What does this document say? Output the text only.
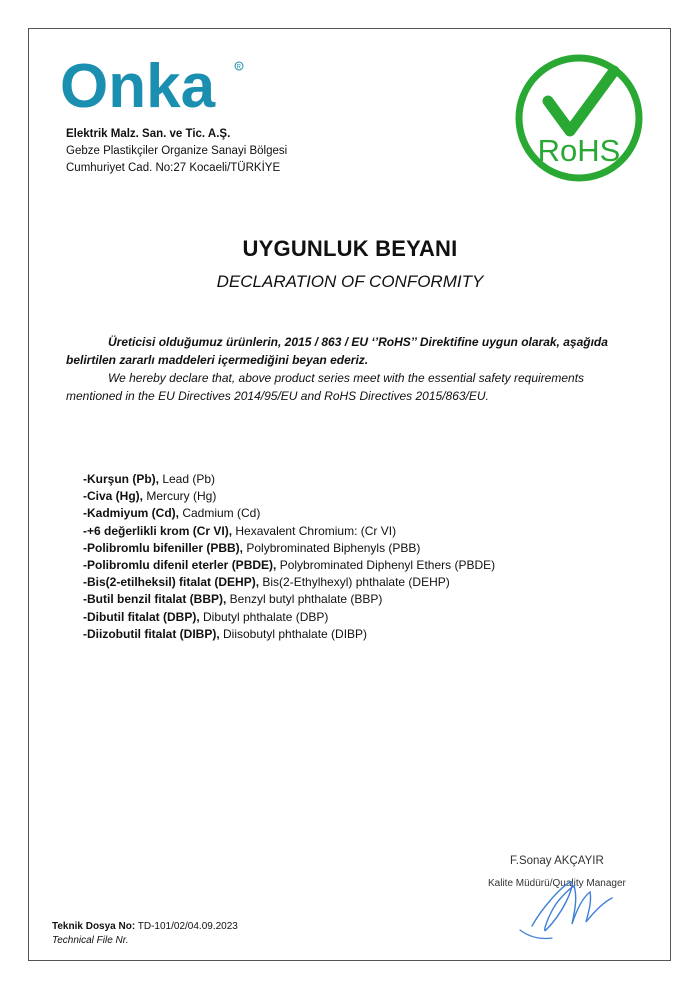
Onka	R
Elektrik Malz. San. ve Tic. A.Ş.
Gebze Plastikçiler Organize Sanayi Bölgesi
Cumhuriyet Cad. No:27 Kocaeli/TÜRKİYE	RoHS
UYGUNLUK BEYANI
DECLARATION OF CONFORMITY
Üreticisi olduğumuz ürünlerin, 2015 / 863 / EU ‘’RoHS’’ Direktifine uygun olarak, aşağıda belirtilen zararlı maddeleri içermediğini beyan ederiz.
We hereby declare that, above product series meet with the essential safety requirements mentioned in the EU Directives 2014/95/EU and RoHS Directives 2015/863/EU.
-Kurşun (Pb), Lead (Pb)
-Civa (Hg), Mercury (Hg)
-Kadmiyum (Cd), Cadmium (Cd)
-+6 değerlikli krom (Cr VI), Hexavalent Chromium: (Cr VI)
-Polibromlu bifeniller (PBB), Polybrominated Biphenyls (PBB)
-Polibromlu difenil eterler (PBDE), Polybrominated Diphenyl Ethers (PBDE)
-Bis(2-etilheksil) fitalat (DEHP), Bis(2-Ethylhexyl) phthalate (DEHP)
-Butil benzil fitalat (BBP), Benzyl butyl phthalate (BBP)
-Dibutil fitalat (DBP), Dibutyl phthalate (DBP)
-Diizobutil fitalat (DIBP), Diisobutyl phthalate (DIBP)
F.Sonay AKÇAYIR
Kalite Müdürü/Quality Manager
Teknik Dosya No: TD-101/02/04.09.2023
Technical File Nr.
